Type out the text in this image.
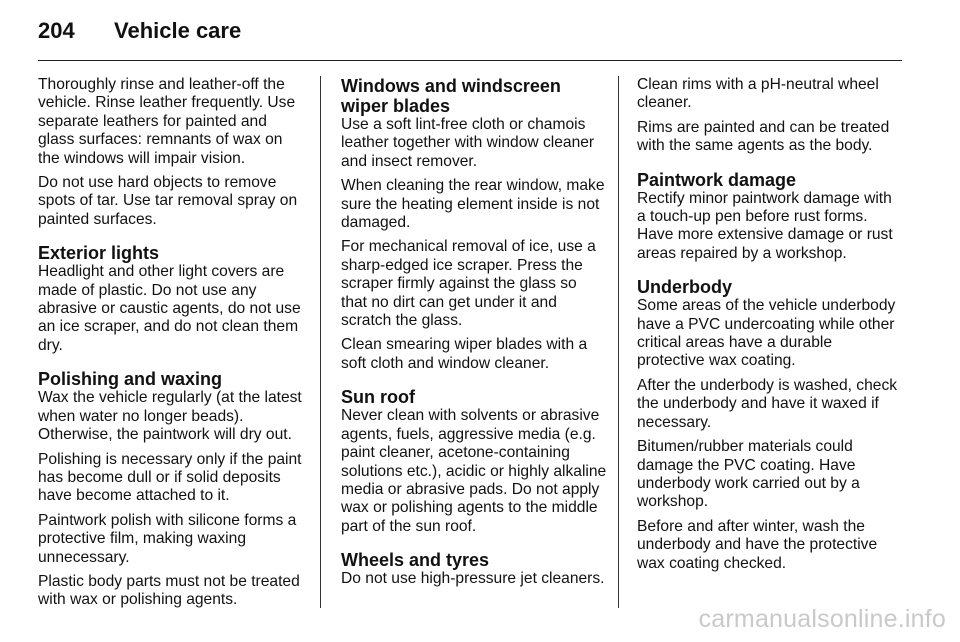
204	Vehicle care

Thoroughly rinse and leather-off the vehicle. Rinse leather frequently. Use separate leathers for painted and glass surfaces: remnants of wax on the windows will impair vision.

Do not use hard objects to remove spots of tar. Use tar removal spray on painted surfaces.

Exterior lights

Headlight and other light covers are made of plastic. Do not use any abrasive or caustic agents, do not use an ice scraper, and do not clean them dry.

Polishing and waxing

Wax the vehicle regularly (at the latest when water no longer beads). Otherwise, the paintwork will dry out.

Polishing is necessary only if the paint has become dull or if solid deposits have become attached to it.

Paintwork polish with silicone forms a protective film, making waxing unnecessary.

Plastic body parts must not be treated with wax or polishing agents.

Windows and windscreen wiper blades

Use a soft lint-free cloth or chamois leather together with window cleaner and insect remover.

When cleaning the rear window, make sure the heating element inside is not damaged.

For mechanical removal of ice, use a sharp-edged ice scraper. Press the scraper firmly against the glass so that no dirt can get under it and scratch the glass.

Clean smearing wiper blades with a soft cloth and window cleaner.

Sun roof

Never clean with solvents or abrasive agents, fuels, aggressive media (e.g. paint cleaner, acetone-containing solutions etc.), acidic or highly alkaline media or abrasive pads. Do not apply wax or polishing agents to the middle part of the sun roof.

Wheels and tyres

Do not use high-pressure jet cleaners.

Clean rims with a pH-neutral wheel cleaner.

Rims are painted and can be treated with the same agents as the body.

Paintwork damage

Rectify minor paintwork damage with a touch-up pen before rust forms. Have more extensive damage or rust areas repaired by a workshop.

Underbody

Some areas of the vehicle underbody have a PVC undercoating while other critical areas have a durable protective wax coating.

After the underbody is washed, check the underbody and have it waxed if necessary.

Bitumen/rubber materials could damage the PVC coating. Have underbody work carried out by a workshop.

Before and after winter, wash the underbody and have the protective wax coating checked.

carmanualsonline.info
